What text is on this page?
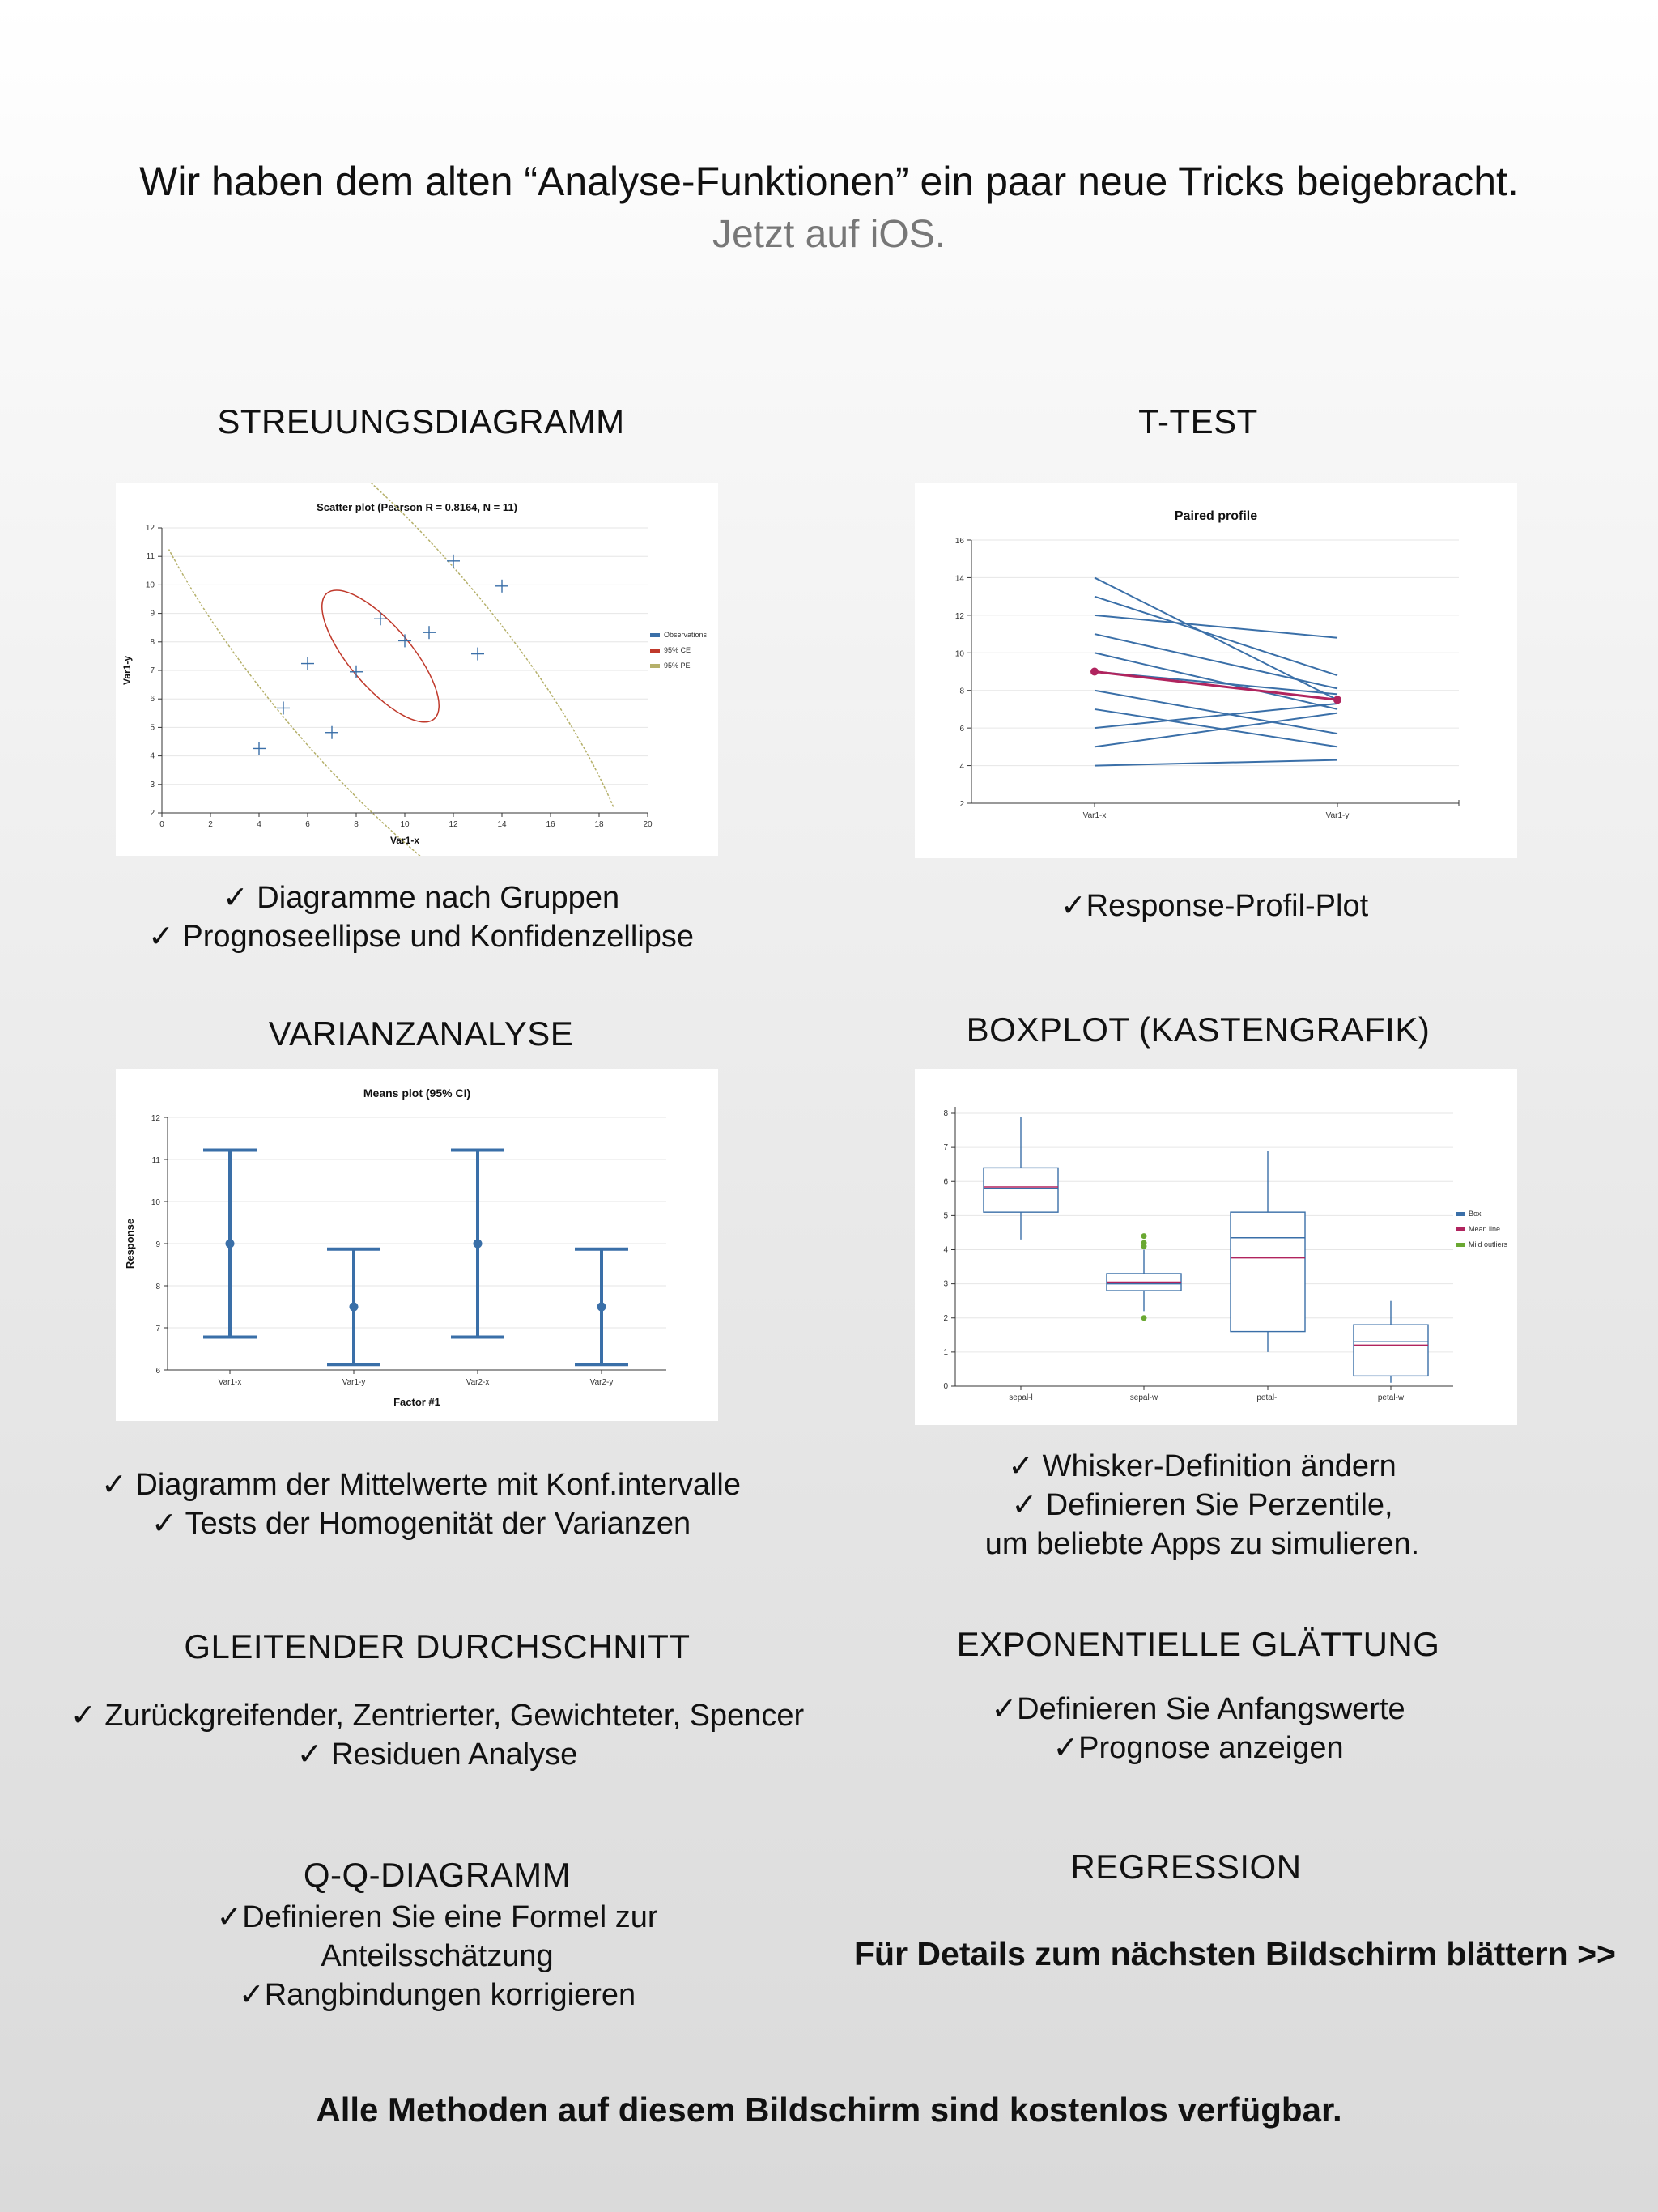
Wir haben dem alten “Analyse-Funktionen” ein paar neue Tricks beigebracht.
Jetzt auf iOS.
STREUUNGSDIAGRAMM
Scatter plot (Pearson R = 0.8164, N = 11)
2
3
4
5
6
7
8
9
10
11
12
0	2	4	6	8	10	12	14	16	18	20
Var1-x
Var1-y
Observations
95% CE
95% PE
✓ Diagramme nach Gruppen
✓ Prognoseellipse und Konfidenzellipse
T-TEST
Paired profile
2
4
6
8
10
12
14
16
Var1-x	Var1-y
✓Response-Profil-Plot
VARIANZANALYSE
Means plot (95% CI)
6
7
8
9
10
11
12
Factor #1
Response
Var1-x	Var1-y	Var2-x	Var2-y
✓ Diagramm der Mittelwerte mit Konf.intervalle
✓ Tests der Homogenität der Varianzen
BOXPLOT (KASTENGRAFIK)
0
1
2
3
4
5
6
7
8
sepal-l	sepal-w	petal-l	petal-w
Box
Mean line
Mild outliers
✓ Whisker-Definition ändern
✓ Definieren Sie Perzentile,
um beliebte Apps zu simulieren.
GLEITENDER DURCHSCHNITT
✓ Zurückgreifender, Zentrierter, Gewichteter, Spencer
✓ Residuen Analyse
EXPONENTIELLE GLÄTTUNG
✓Definieren Sie Anfangswerte
✓Prognose anzeigen
Q-Q-DIAGRAMM
✓Definieren Sie eine Formel zur
Anteilsschätzung
✓Rangbindungen korrigieren
REGRESSION
Für Details zum nächsten Bildschirm blättern >>
Alle Methoden auf diesem Bildschirm sind kostenlos verfügbar.
